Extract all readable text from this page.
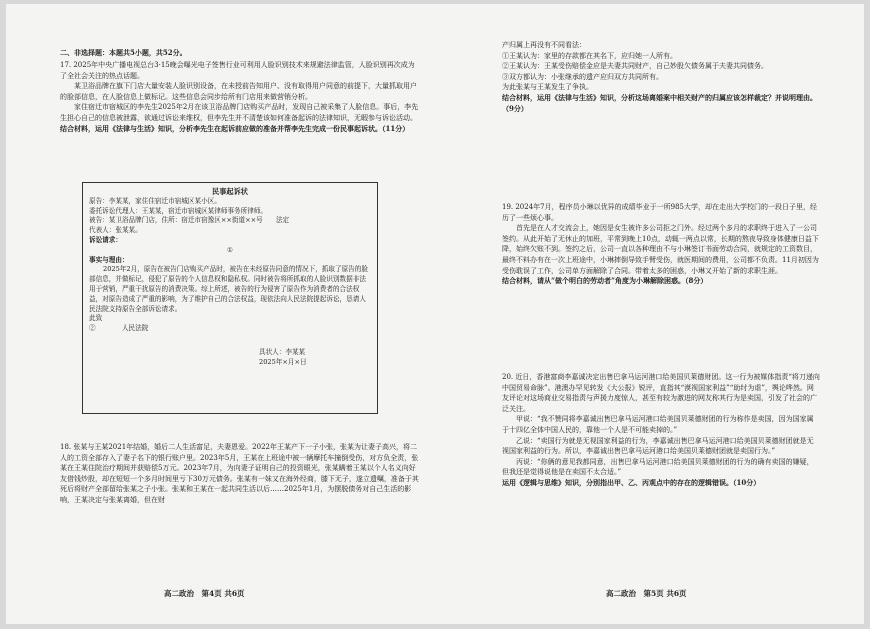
二、非选择题：本题共5小题，共52分。

17. 2025年中央广播电视总台3·15晚会曝光电子签售行业可利用人脸识别技术来规避法律监管，人脸识别再次成为了全社会关注的热点话题。

某卫浴品牌在旗下门店大量安装人脸识别设备，在未授前告知用户、没有取得用户同意的前提下，大量抓取用户的脸部信息，在人脸信息上做标记。这些信息会同步给所有门店用来做营销分析。

家住宿迁市宿城区的李先生2025年2月在该卫浴品牌门店购买产品时，发现自己被采集了人脸信息。事后，李先生担心自己的信息被泄露，欲通过诉讼来维权，但李先生并不清楚该如何准备起诉的法律知识，无暇参与诉讼活动。

结合材料，运用《法律与生活》知识，分析李先生在起诉前应做的准备并帮李先生完成一份民事起诉状。（11分）

民事起诉状

原告：李某某，家住住宿迁市宿城区某小区。

委托诉讼代理人：王某某，宿迁市宿城区某律师事务所律师。

被告：某卫浴品牌门店，住所：宿迁市宿豫区××街道××号　　法定

代表人：张某某。

诉讼请求：

①

事实与理由：

2025年2月，原告在被告门店购买产品时，被告在未经原告同意的情况下，抓取了原告的脸部信息，并做标记，侵犯了原告的个人信息权和隐私权。同时被告将所抓取的人脸识别数据非法用于营销，严重干扰原告的消费决策。综上所述，被告的行为侵害了原告作为消费者的合法权益，对原告造成了严重的影响，为了维护自己的合法权益，现依法向人民法院提起诉讼，恳请人民法院支持原告全部诉讼请求。

此致

②　　　　人民法院

具状人：李某某

2025年×月×日

18. 张某与王某2021年结婚，婚后二人生活富足，夫妻恩爱。2022年王某产下一子小张，张某为让妻子高兴，将二人的工资全部存入了妻子名下的银行账户里。2023年5月，王某在上班途中被一辆摩托车撞倒受伤，对方负全责，张某在王某住院治疗期间并获赔偿5万元。2023年7月，为向妻子证明自己的投资眼光，张某瞒着王某以个人名义向好友借钱炒股，却在短短一个多月时间里亏下30万元债务。张某有一妹又在海外经商，膝下无子，遂立遗嘱，准备于其死后将财产全部留给张某之子小张。张某和王某在一起共同生活以后……2025年1月，为摆脱债务对自己生活的影响，王某决定与张某离婚，但在财

高二政治　第4页 共6页

产归属上再没有不同看法：

①王某认为：家里的存款都在其名下，应归她一人所有。

②王某认为：王某受伤赔偿金应是夫妻共同财产，自己妙股欠债务属于夫妻共同债务。

③双方都认为：小张继承的遗产应归双方共同所有。

为此张某与王某发生了争执。

结合材料，运用《法律与生活》知识，分析这场离婚案中相关财产的归属应该怎样裁定？并说明理由。（9分）

19. 2024年7月，程序员小琳以优异的成绩毕业于一所985大学，却在走出大学校门的一段日子里，经历了一些烦心事。

首先是在人才交流会上，她因是女生被许多公司拒之门外。经过两个多月的求职终于进入了一公司签约。从此开始了无休止的加班，平常到晚上10点，动辄一两点以常，长期的熬夜导致身体健康日益下降，始终欠账不到。签约之后，公司一直以各种理由不与小琳签订书面劳动合同，就规定的工资数目，最终不料办有在一次上班途中，小琳摔倒导致手臂受伤，就医期间的费用，公司都不负责。11月初因为受伤耽误了工作，公司单方面解除了合同。带着太多的困惑，小琳又开始了新的求职生涯。

结合材料，请从“做个明白的劳动者”角度为小琳解除困惑。（8分）

20. 近日，香港富商李嘉诚决定出售巴拿马运河港口给美国贝莱德财团。这一行为被媒体指责“将刀递向中国贸易命脉”。港澳办罕见转发《大公报》锐评，直指其“漠视国家利益”“助纣为虐”，舆论哗然。网友评论对这场商业交易指责与声援力度惊人，甚至有较为激进的网友称其行为是卖国，引发了社会的广泛关注。

甲说：“我不赞同将李嘉诚出售巴拿马运河港口给美国贝莱德财团的行为称作是卖国，因为国家属于十四亿全体中国人民的，靠他一个人是不可能卖掉的。”

乙说：“卖国行为就是无视国家利益的行为，李嘉诚出售巴拿马运河港口给美国贝莱德财团就是无视国家利益的行为。所以，李嘉诚出售巴拿马运河港口给美国贝莱德财团就是卖国行为。”

丙说：“你俩的意见我都同意，出售巴拿马运河港口给美国贝莱德财团的行为的确有卖国的嫌疑，但我还是觉得说他是在卖国不太合适。”

运用《逻辑与思维》知识，分别指出甲、乙、丙观点中的存在的逻辑错误。（10分）

高二政治　第5页 共6页
